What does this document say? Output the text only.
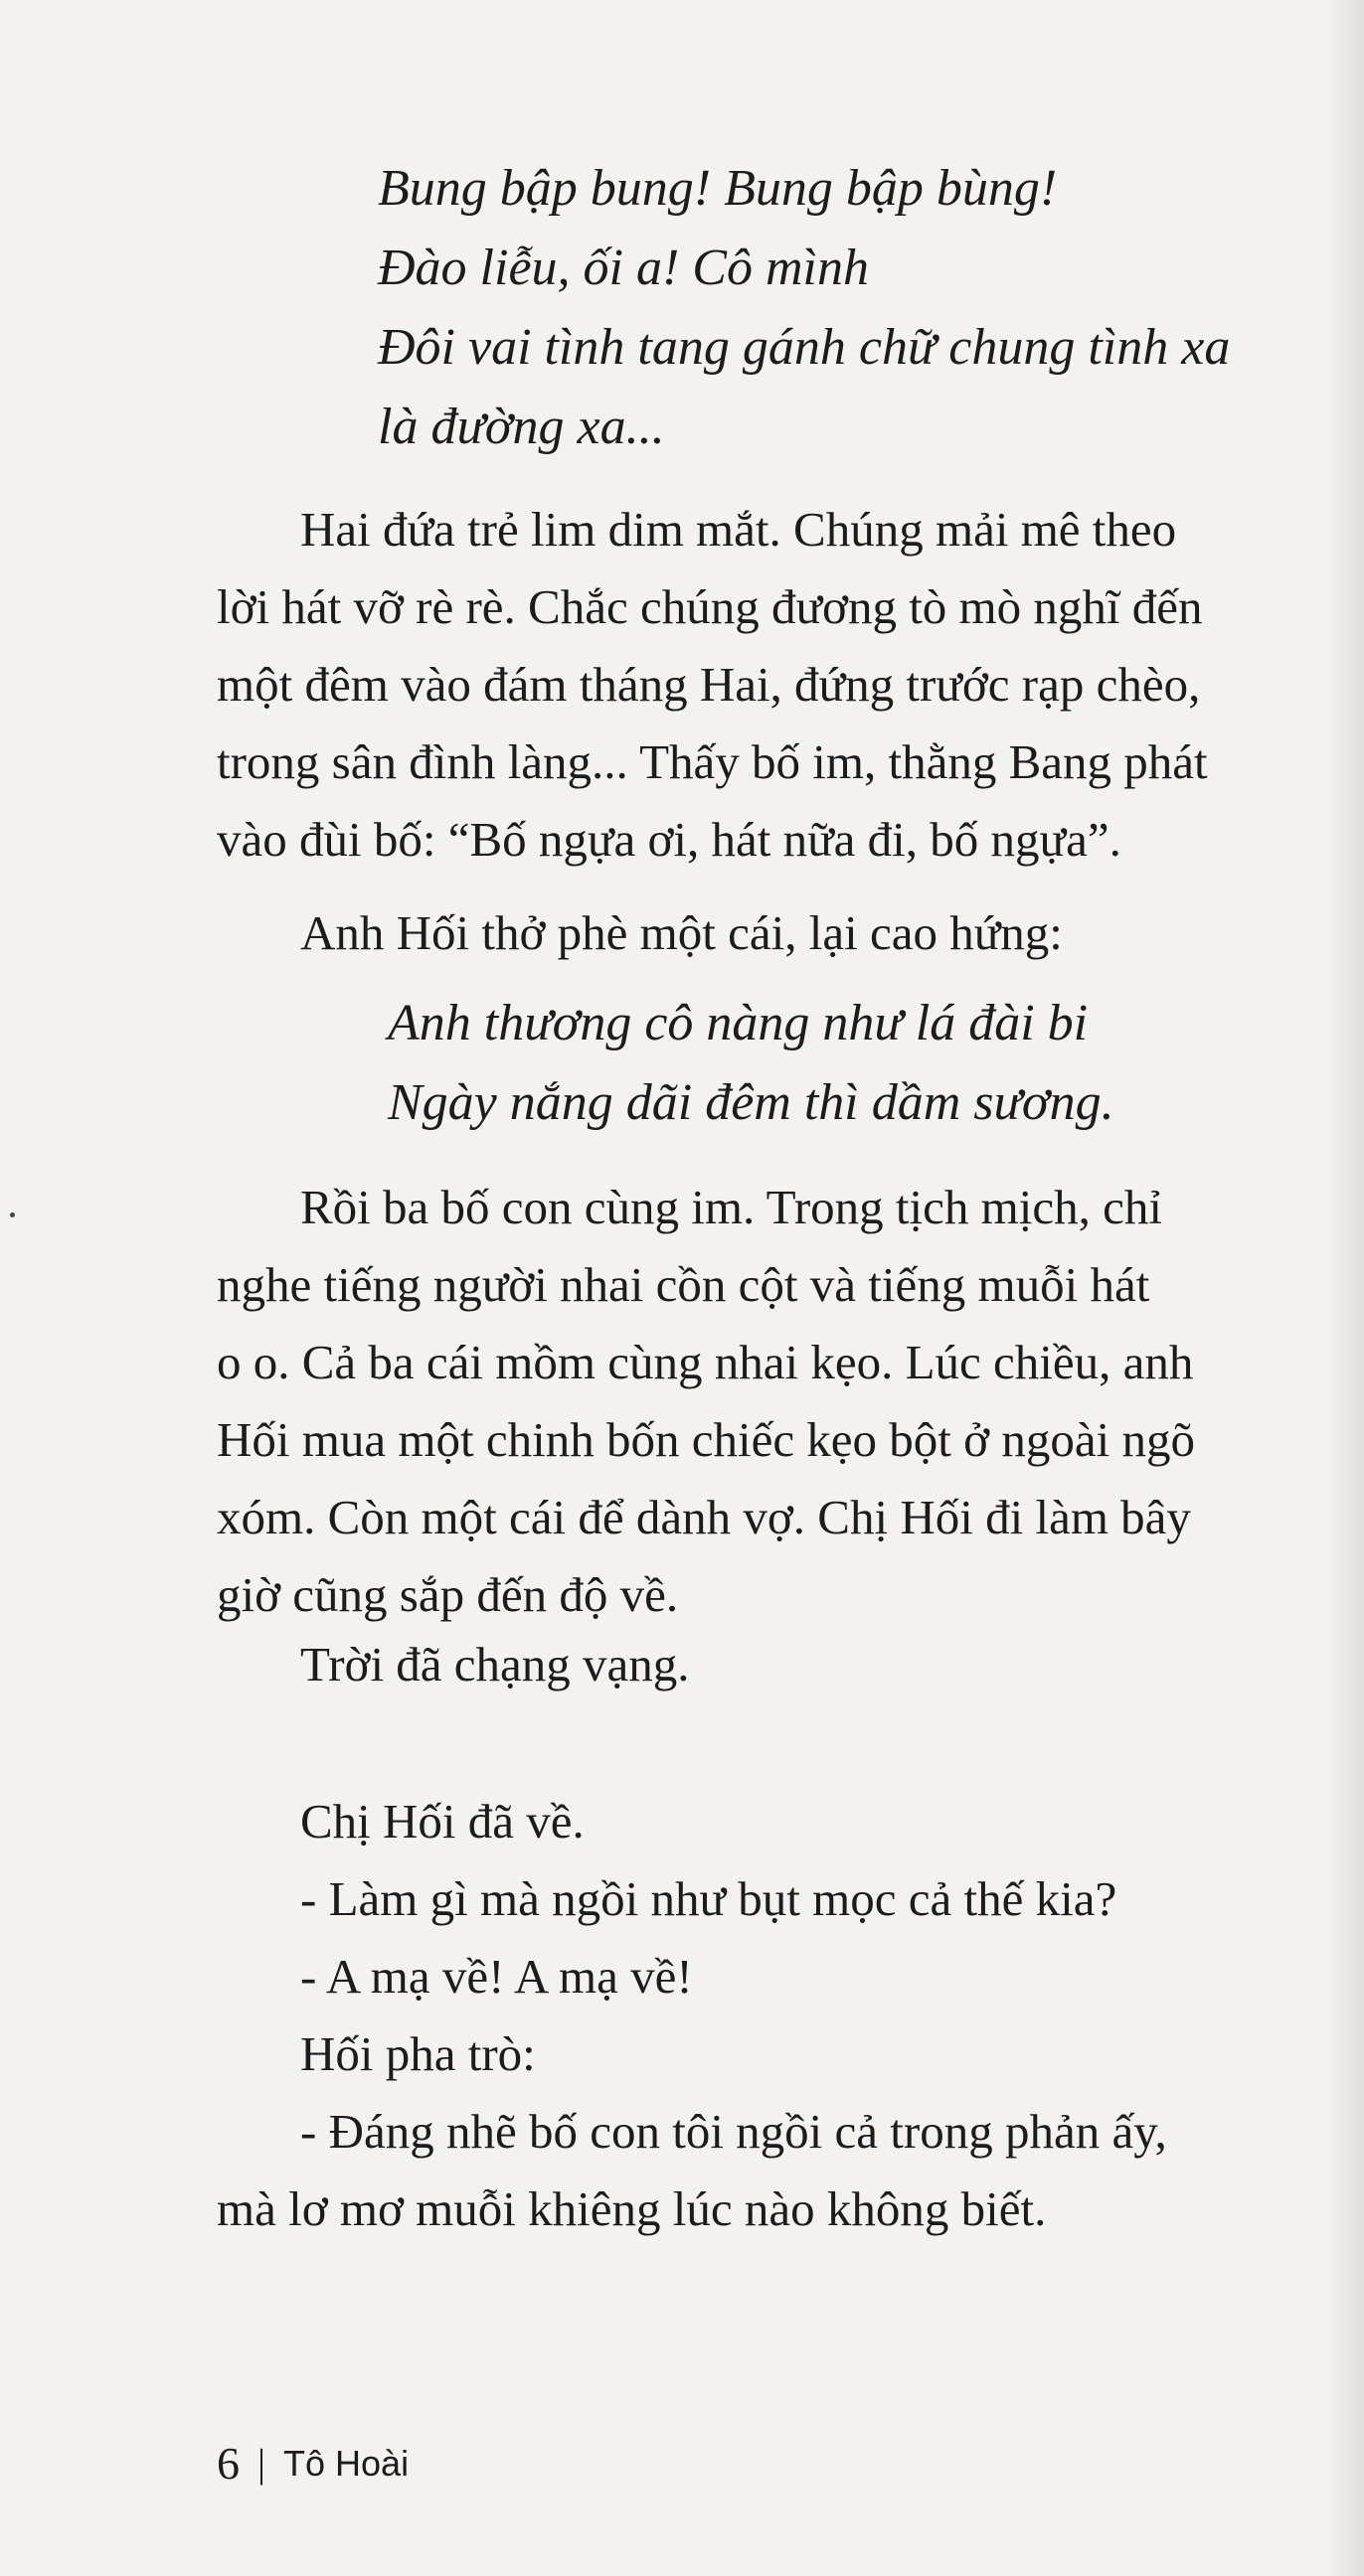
Bung bập bung! Bung bập bùng!
Đào liễu, ối a! Cô mình
Đôi vai tình tang gánh chữ chung tình xa
là đường xa...
Hai đứa trẻ lim dim mắt. Chúng mải mê theo
lời hát vỡ rè rè. Chắc chúng đương tò mò nghĩ đến
một đêm vào đám tháng Hai, đứng trước rạp chèo,
trong sân đình làng... Thấy bố im, thằng Bang phát
vào đùi bố: “Bố ngựa ơi, hát nữa đi, bố ngựa”.
Anh Hối thở phè một cái, lại cao hứng:
Anh thương cô nàng như lá đài bi
Ngày nắng dãi đêm thì dầm sương.
Rồi ba bố con cùng im. Trong tịch mịch, chỉ
nghe tiếng người nhai cồn cột và tiếng muỗi hát
o o. Cả ba cái mồm cùng nhai kẹo. Lúc chiều, anh
Hối mua một chinh bốn chiếc kẹo bột ở ngoài ngõ
xóm. Còn một cái để dành vợ. Chị Hối đi làm bây
giờ cũng sắp đến độ về.
Trời đã chạng vạng.
Chị Hối đã về.
- Làm gì mà ngồi như bụt mọc cả thế kia?
- A mạ về! A mạ về!
Hối pha trò:
- Đáng nhẽ bố con tôi ngồi cả trong phản ấy,
mà lơ mơ muỗi khiêng lúc nào không biết.
6 | Tô Hoài
